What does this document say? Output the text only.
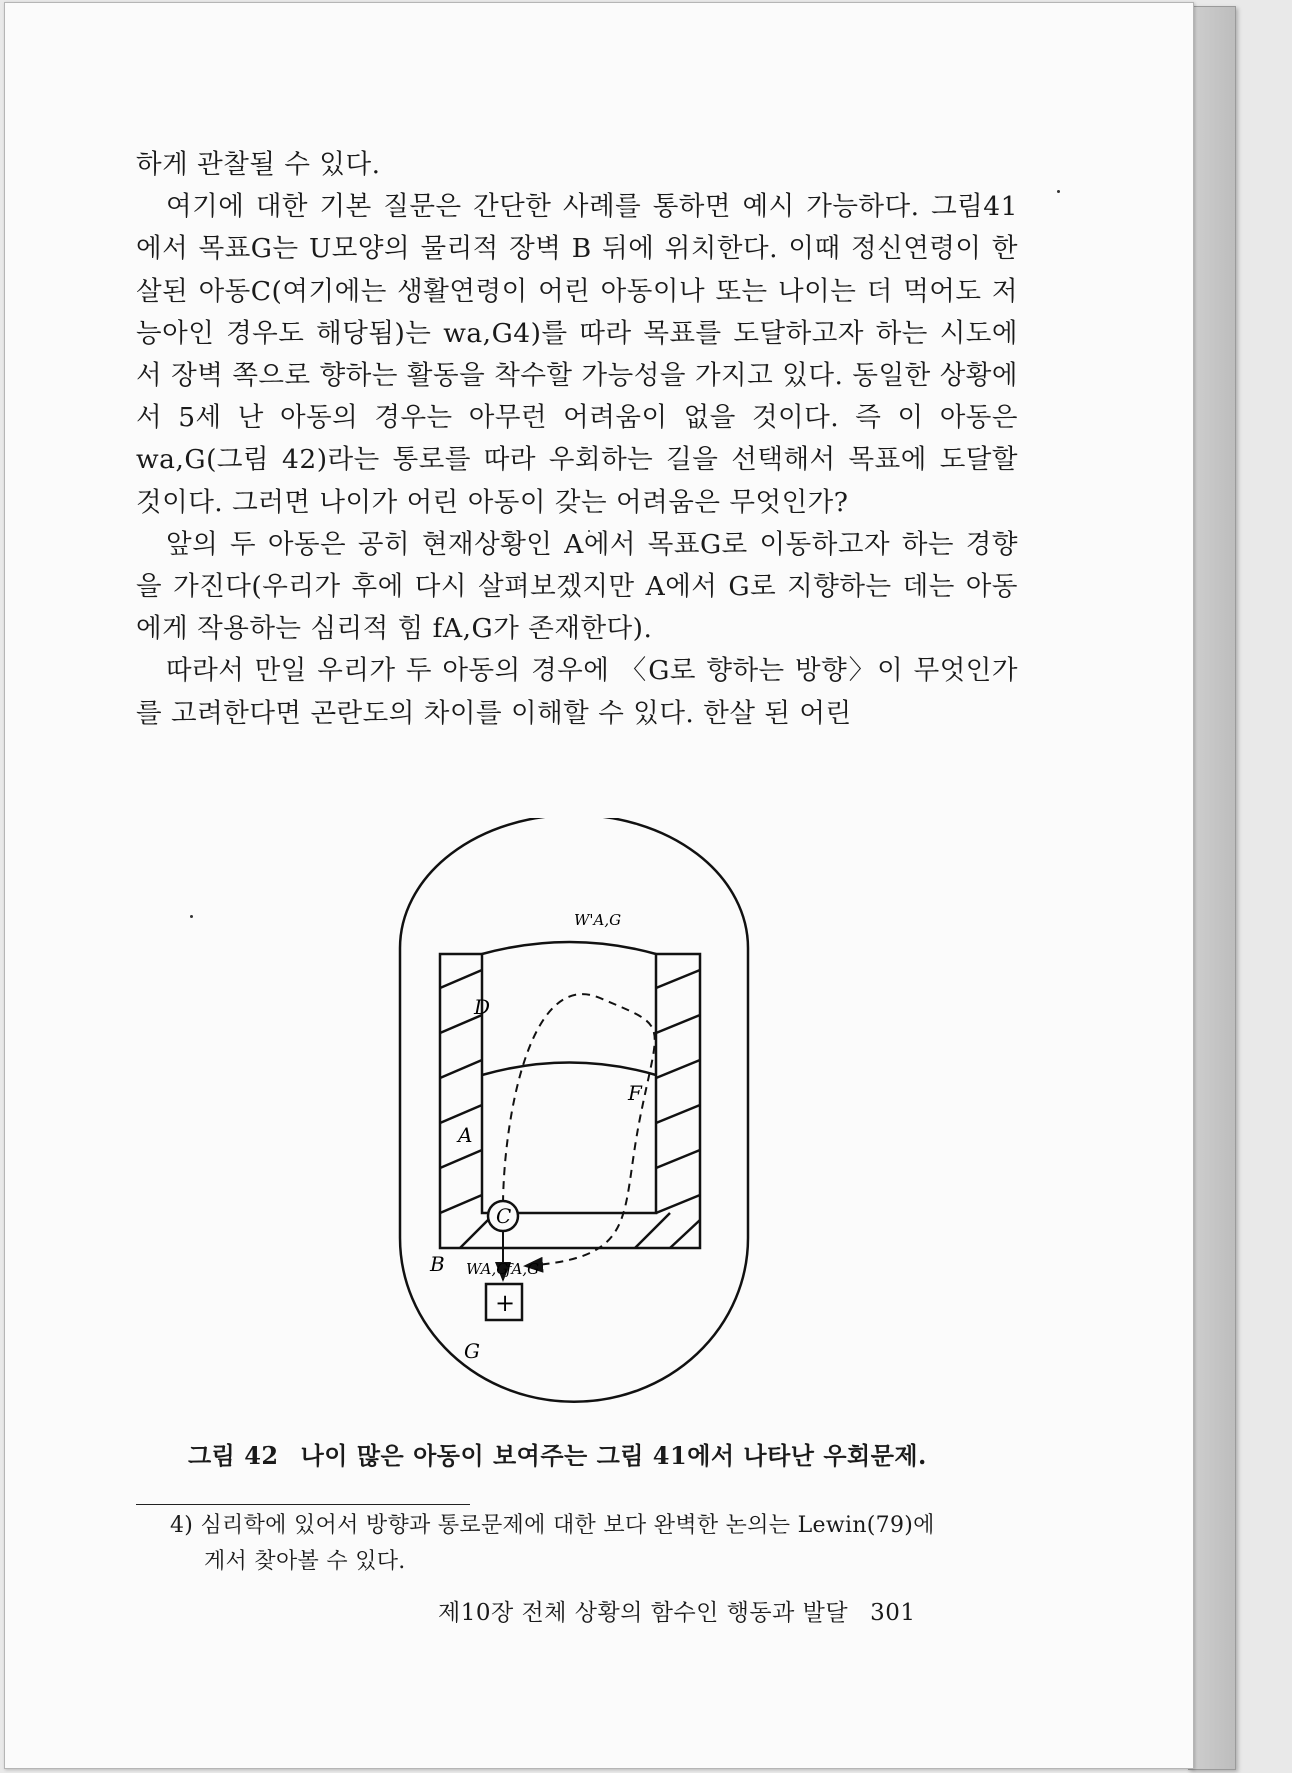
하게 관찰될 수 있다.

여기에 대한 기본 질문은 간단한 사례를 통하면 예시 가능하다. 그림41에서 목표G는 U모양의 물리적 장벽 B 뒤에 위치한다. 이때 정신연령이 한살된 아동C(여기에는 생활연령이 어린 아동이나 또는 나이는 더 먹어도 저능아인 경우도 해당됨)는 wa,G4)를 따라 목표를 도달하고자 하는 시도에서 장벽 쪽으로 향하는 활동을 착수할 가능성을 가지고 있다. 동일한 상황에서 5세 난 아동의 경우는 아무런 어려움이 없을 것이다. 즉 이 아동은 wa,G(그림 42)라는 통로를 따라 우회하는 길을 선택해서 목표에 도달할 것이다. 그러면 나이가 어린 아동이 갖는 어려움은 무엇인가?

앞의 두 아동은 공히 현재상황인 A에서 목표G로 이동하고자 하는 경향을 가진다(우리가 후에 다시 살펴보겠지만 A에서 G로 지향하는 데는 아동에게 작용하는 심리적 힘 fA,G가 존재한다).

따라서 만일 우리가 두 아동의 경우에 〈G로 향하는 방향〉이 무엇인가를 고려한다면 곤란도의 차이를 이해할 수 있다. 한살 된 어린

D
A
C
B
F
G
+
W'A,G
WA,G
fA,G
그림 42 나이 많은 아동이 보여주는 그림 41에서 나타난 우회문제.
4) 심리학에 있어서 방향과 통로문제에 대한 보다 완벽한 논의는 Lewin(79)에
게서 찾아볼 수 있다.
제10장 전체 상황의 함수인 행동과 발달 301
